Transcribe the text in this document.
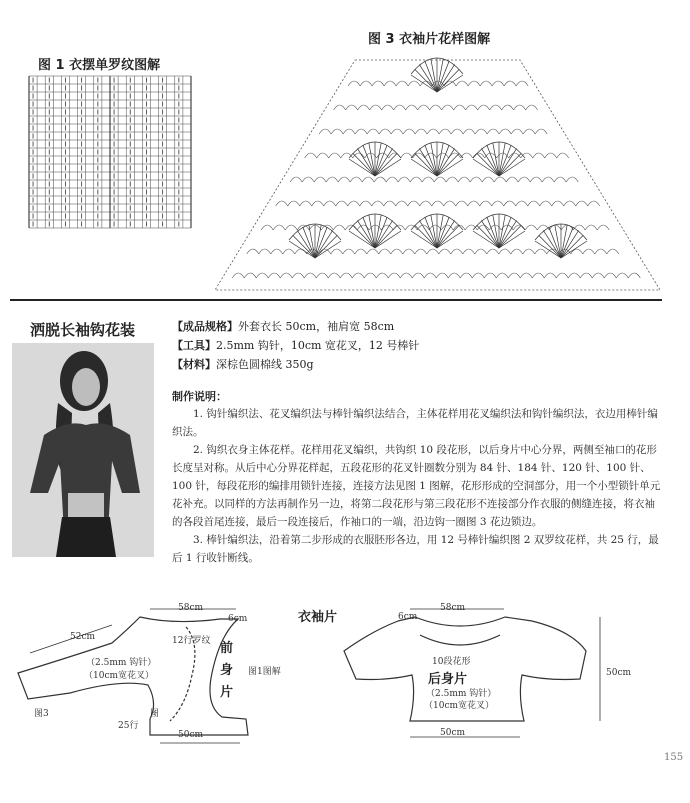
图 1 衣摆单罗纹图解
图 3 衣袖片花样图解
洒脱长袖钩花装	【成品规格】外套衣长 50cm，袖肩宽 58cm
【工具】2.5mm 钩针，10cm 宽花叉，12 号棒针
【材料】深棕色圆棉线 350g
制作说明：
1. 钩针编织法、花叉编织法与棒针编织法结合，主体花样用花叉编织法和钩针编织法，衣边用棒针编织法。
2. 钩织衣身主体花样。花样用花叉编织，共钩织 10 段花形，以后身片中心分界，两侧至袖口的花形长度呈对称。从后中心分界花样起，五段花形的花叉针圈数分别为 84 针、184 针、120 针、100 针、100 针，每段花形的编排用锁针连接，连接方法见图 1 图解，花形形成的空洞部分，用一个小型锁针单元花补充。以同样的方法再制作另一边，将第二段花形与第三段花形不连接部分作衣服的侧缝连接，将衣袖的各段首尾连接，最后一段连接后，作袖口的一端，沿边钩一圈图 3 花边锁边。
3. 棒针编织法，沿着第二步形成的衣服胚形各边，用 12 号棒针编织图 2 双罗纹花样，共 25 行，最后 1 行收针断线。
58cm
6cm
52cm	12行罗纹 前身片
（2.5mm 钩针）
（10cm宽花叉）	图1图解
图3	图
25行
50cm
衣袖片
58cm
6cm
10段花形
后身片
（2.5mm 钩针）
（10cm宽花叉）
50cm
50cm
155
